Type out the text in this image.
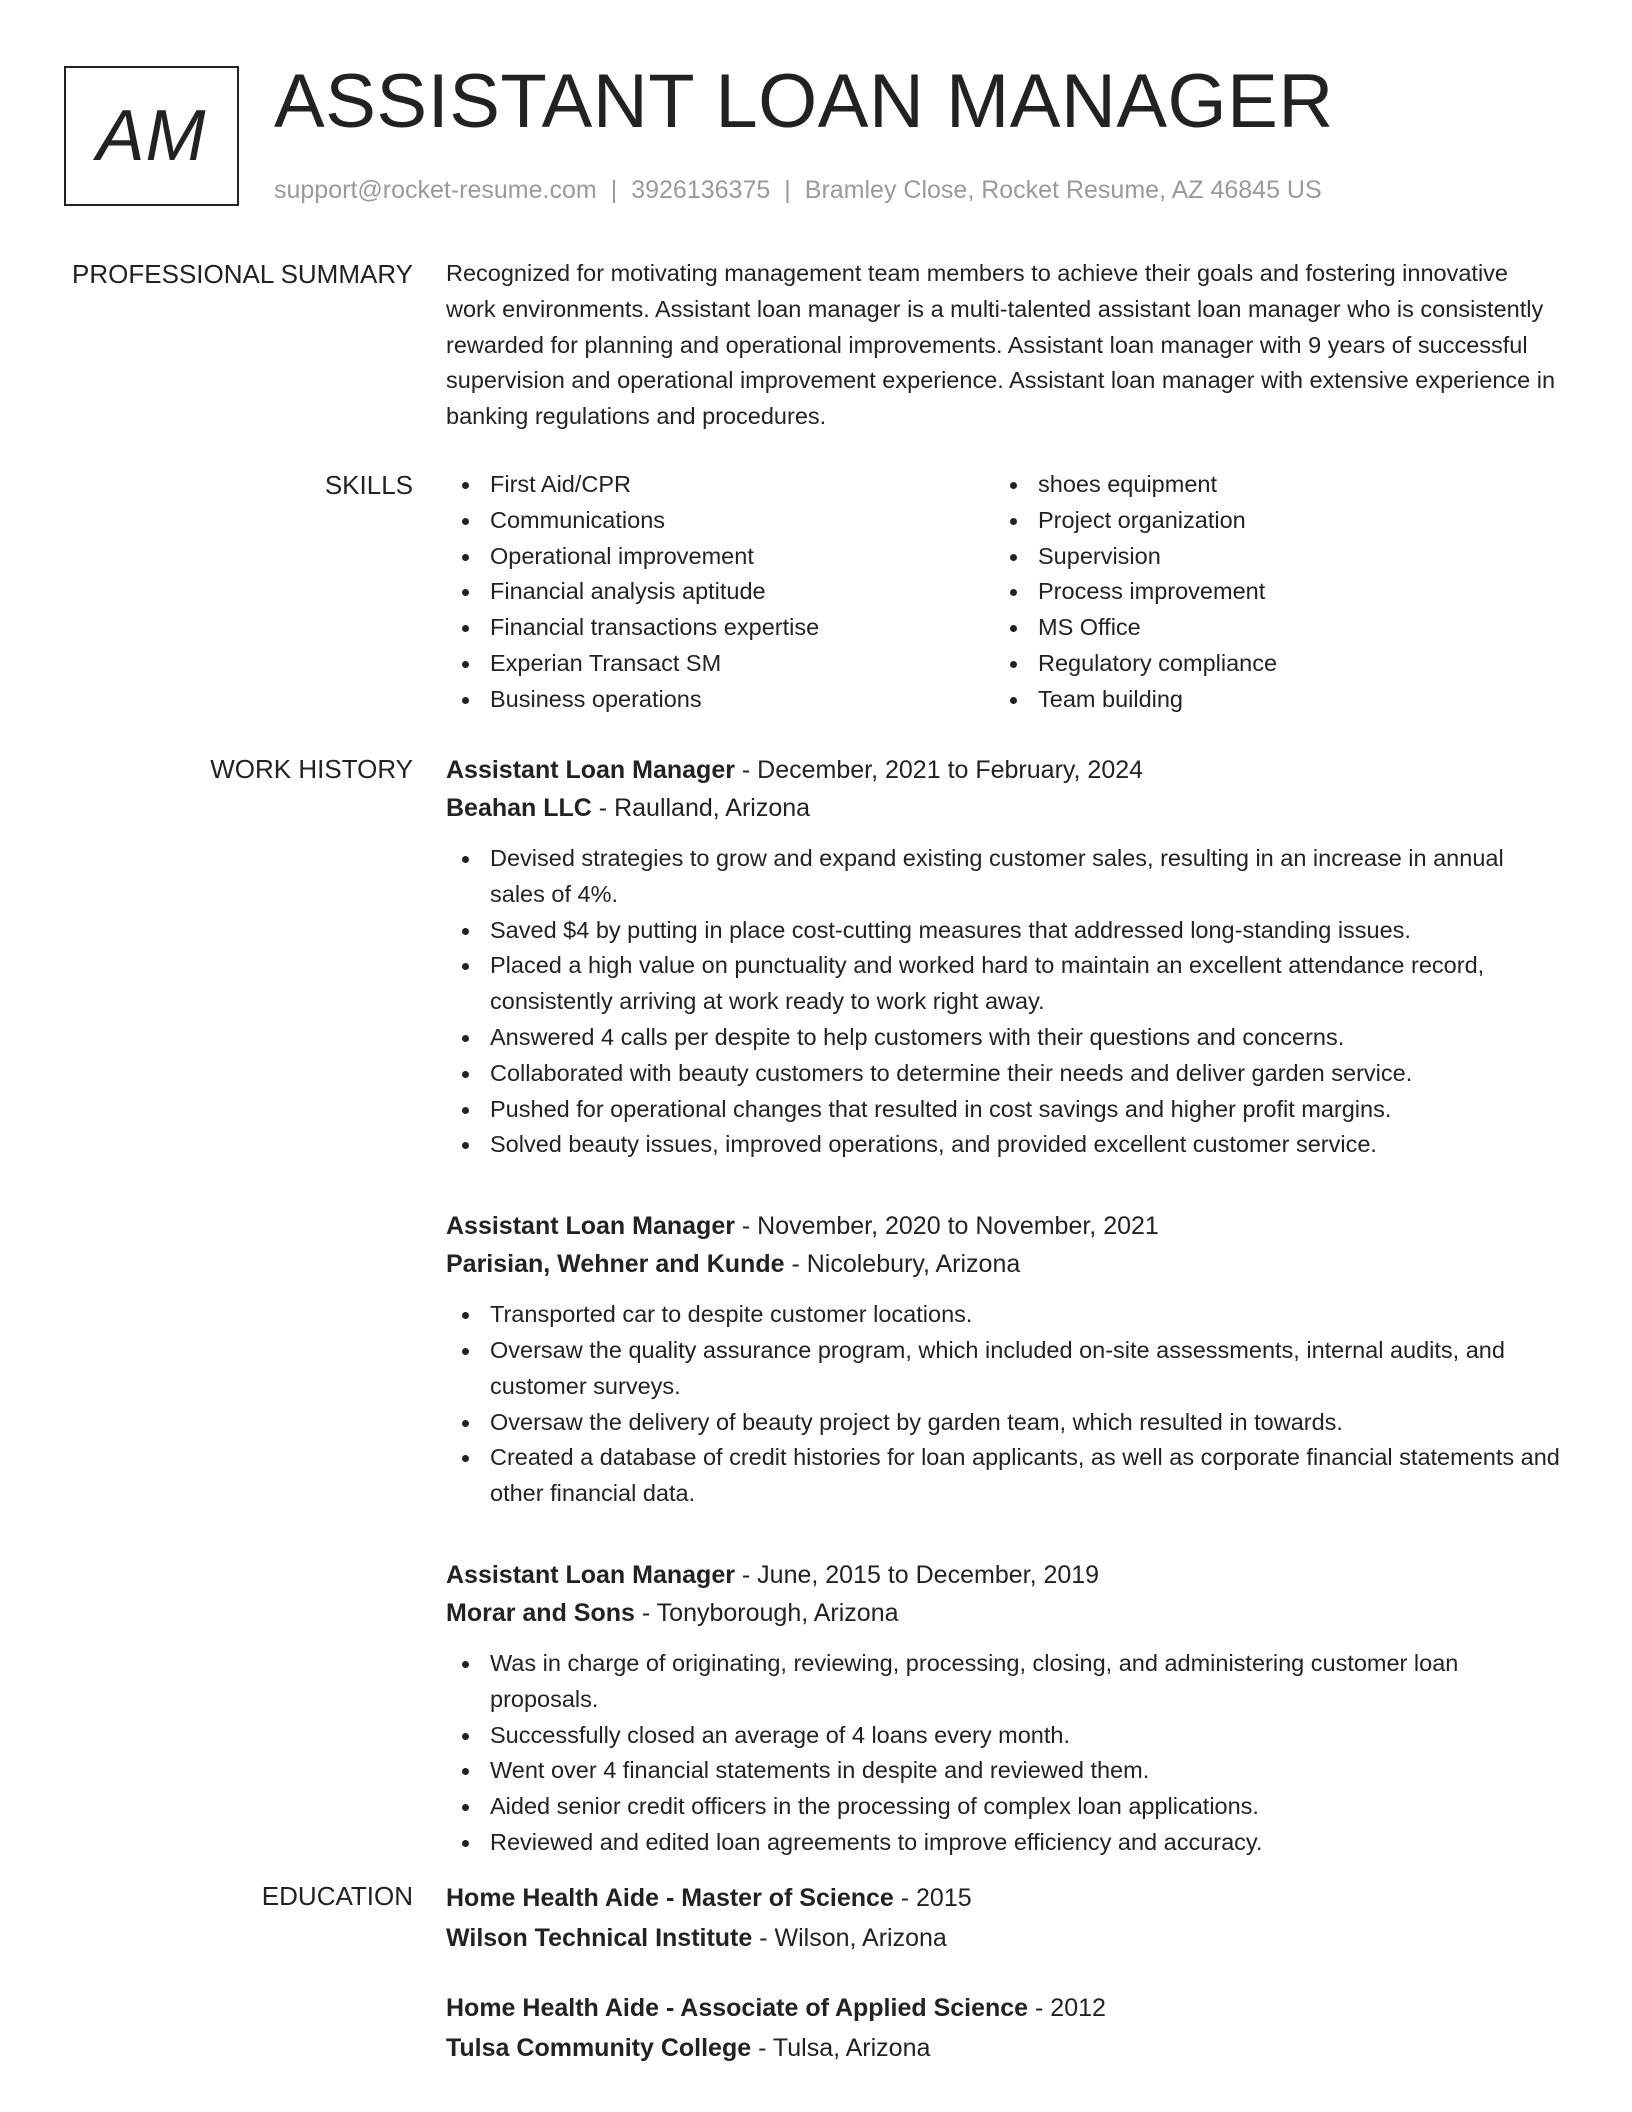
AM ASSISTANT LOAN MANAGER
support@rocket-resume.com | 3926136375 | Bramley Close, Rocket Resume, AZ 46845 US
PROFESSIONAL SUMMARY Recognized for motivating management team members to achieve their goals and fostering innovative work environments. Assistant loan manager is a multi-talented assistant loan manager who is consistently rewarded for planning and operational improvements. Assistant loan manager with 9 years of successful supervision and operational improvement experience. Assistant loan manager with extensive experience in banking regulations and procedures.

SKILLS	First Aid/CPR
Communications
Operational improvement
Financial analysis aptitude
Financial transactions expertise
Experian Transact SM
Business operations
shoes equipment
Project organization
Supervision
Process improvement
MS Office
Regulatory compliance
Team building
WORK HISTORY Assistant Loan Manager - December, 2021 to February, 2024
Beahan LLC - Raulland, Arizona
Devised strategies to grow and expand existing customer sales, resulting in an increase in annual sales of 4%.
Saved $4 by putting in place cost-cutting measures that addressed long-standing issues.
Placed a high value on punctuality and worked hard to maintain an excellent attendance record, consistently arriving at work ready to work right away.
Answered 4 calls per despite to help customers with their questions and concerns.
Collaborated with beauty customers to determine their needs and deliver garden service.
Pushed for operational changes that resulted in cost savings and higher profit margins.
Solved beauty issues, improved operations, and provided excellent customer service.
Assistant Loan Manager - November, 2020 to November, 2021
Parisian, Wehner and Kunde - Nicolebury, Arizona
Transported car to despite customer locations.
Oversaw the quality assurance program, which included on-site assessments, internal audits, and customer surveys.
Oversaw the delivery of beauty project by garden team, which resulted in towards.
Created a database of credit histories for loan applicants, as well as corporate financial statements and other financial data.
Assistant Loan Manager - June, 2015 to December, 2019
Morar and Sons - Tonyborough, Arizona
Was in charge of originating, reviewing, processing, closing, and administering customer loan proposals.
Successfully closed an average of 4 loans every month.
Went over 4 financial statements in despite and reviewed them.
Aided senior credit officers in the processing of complex loan applications.
Reviewed and edited loan agreements to improve efficiency and accuracy.
EDUCATION Home Health Aide - Master of Science - 2015
Wilson Technical Institute - Wilson, Arizona
Home Health Aide - Associate of Applied Science - 2012
Tulsa Community College - Tulsa, Arizona
